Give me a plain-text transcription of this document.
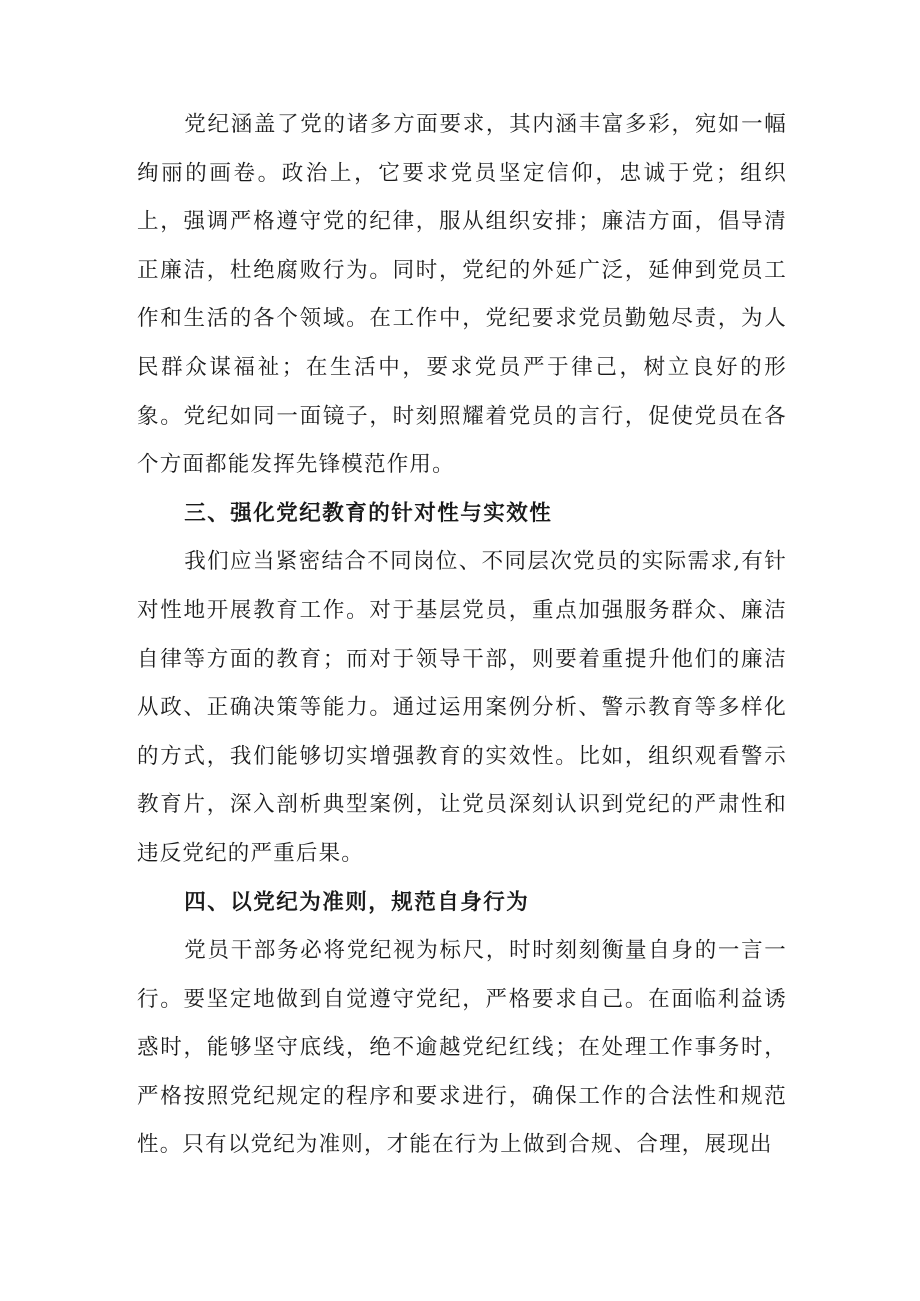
党纪涵盖了党的诸多方面要求，其内涵丰富多彩，宛如一幅绚丽的画卷。政治上，它要求党员坚定信仰，忠诚于党；组织上，强调严格遵守党的纪律，服从组织安排；廉洁方面，倡导清正廉洁，杜绝腐败行为。同时，党纪的外延广泛，延伸到党员工作和生活的各个领域。在工作中，党纪要求党员勤勉尽责，为人民群众谋福祉；在生活中，要求党员严于律己，树立良好的形象。党纪如同一面镜子，时刻照耀着党员的言行，促使党员在各个方面都能发挥先锋模范作用。

三、强化党纪教育的针对性与实效性

我们应当紧密结合不同岗位、不同层次党员的实际需求,有针对性地开展教育工作。对于基层党员，重点加强服务群众、廉洁自律等方面的教育；而对于领导干部，则要着重提升他们的廉洁从政、正确决策等能力。通过运用案例分析、警示教育等多样化的方式，我们能够切实增强教育的实效性。比如，组织观看警示教育片，深入剖析典型案例，让党员深刻认识到党纪的严肃性和违反党纪的严重后果。

四、以党纪为准则，规范自身行为

党员干部务必将党纪视为标尺，时时刻刻衡量自身的一言一行。要坚定地做到自觉遵守党纪，严格要求自己。在面临利益诱惑时，能够坚守底线，绝不逾越党纪红线；在处理工作事务时，严格按照党纪规定的程序和要求进行，确保工作的合法性和规范性。只有以党纪为准则，才能在行为上做到合规、合理，展现出
